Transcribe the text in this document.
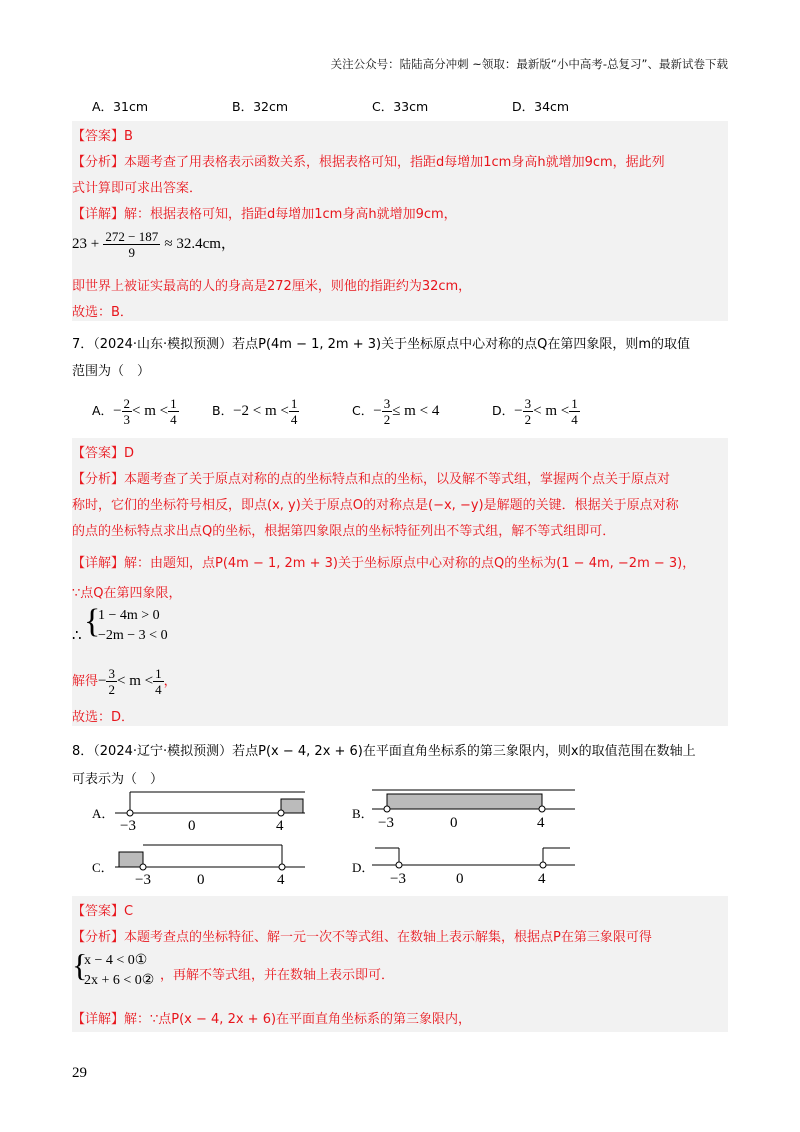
关注公众号：陆陆高分冲刺 ~领取：最新版“小中高考-总复习”、最新试卷下载
A．31cm	B．32cm	C．33cm	D．34cm
【答案】B
【分析】本题考查了用表格表示函数关系，根据表格可知，指距d每增加1cm身高h就增加9cm，据此列
式计算即可求出答案．
【详解】解：根据表格可知，指距d每增加1cm身高h就增加9cm，
$23 + \frac{272 - 187}{9} \approx 32.4cm$，
即世界上被证实最高的人的身高是272厘米，则他的指距约为32cm，
故选：B．
7．（2024·山东·模拟预测）若点P(4m − 1, 2m + 3)关于坐标原点中心对称的点Q在第四象限，则m的取值
范围为（　）
A．− $\frac{2}{3} < m < \frac{1}{4}$	B．$-2 < m < \frac{1}{4}$	C．− $\frac{3}{2} \le m < 4$	D．− $\frac{3}{2} < m < \frac{1}{4}$
【答案】D
【分析】本题考查了关于原点对称的点的坐标特点和点的坐标，以及解不等式组，掌握两个点关于原点对
称时，它们的坐标符号相反，即点(x, y)关于原点O的对称点是(−x, −y)是解题的关键．根据关于原点对称
的点的坐标特点求出点Q的坐标，根据第四象限点的坐标特征列出不等式组，解不等式组即可．
【详解】解：由题知，点P(4m − 1, 2m + 3)关于坐标原点中心对称的点Q的坐标为(1 − 4m, −2m − 3)，
∵点Q在第四象限，
∴ {
1 − 4m > 0
−2m − 3 < 0
解得− $\frac{3}{2} < m < \frac{1}{4}$ ，
故选：D．
8．（2024·辽宁·模拟预测）若点P(x − 4, 2x + 6)在平面直角坐标系的第三象限内，则x的取值范围在数轴上
可表示为（　）
A．
−3	0	4
B．
−3	0	4
C．
−3	0	4
D．
−3	0	4
【答案】C
【分析】本题考查点的坐标特征、解一元一次不等式组、在数轴上表示解集，根据点P在第三象限可得
{
x − 4 < 0①
2x + 6 < 0② ，再解不等式组，并在数轴上表示即可．
【详解】解：∵点P(x − 4, 2x + 6)在平面直角坐标系的第三象限内，
29
